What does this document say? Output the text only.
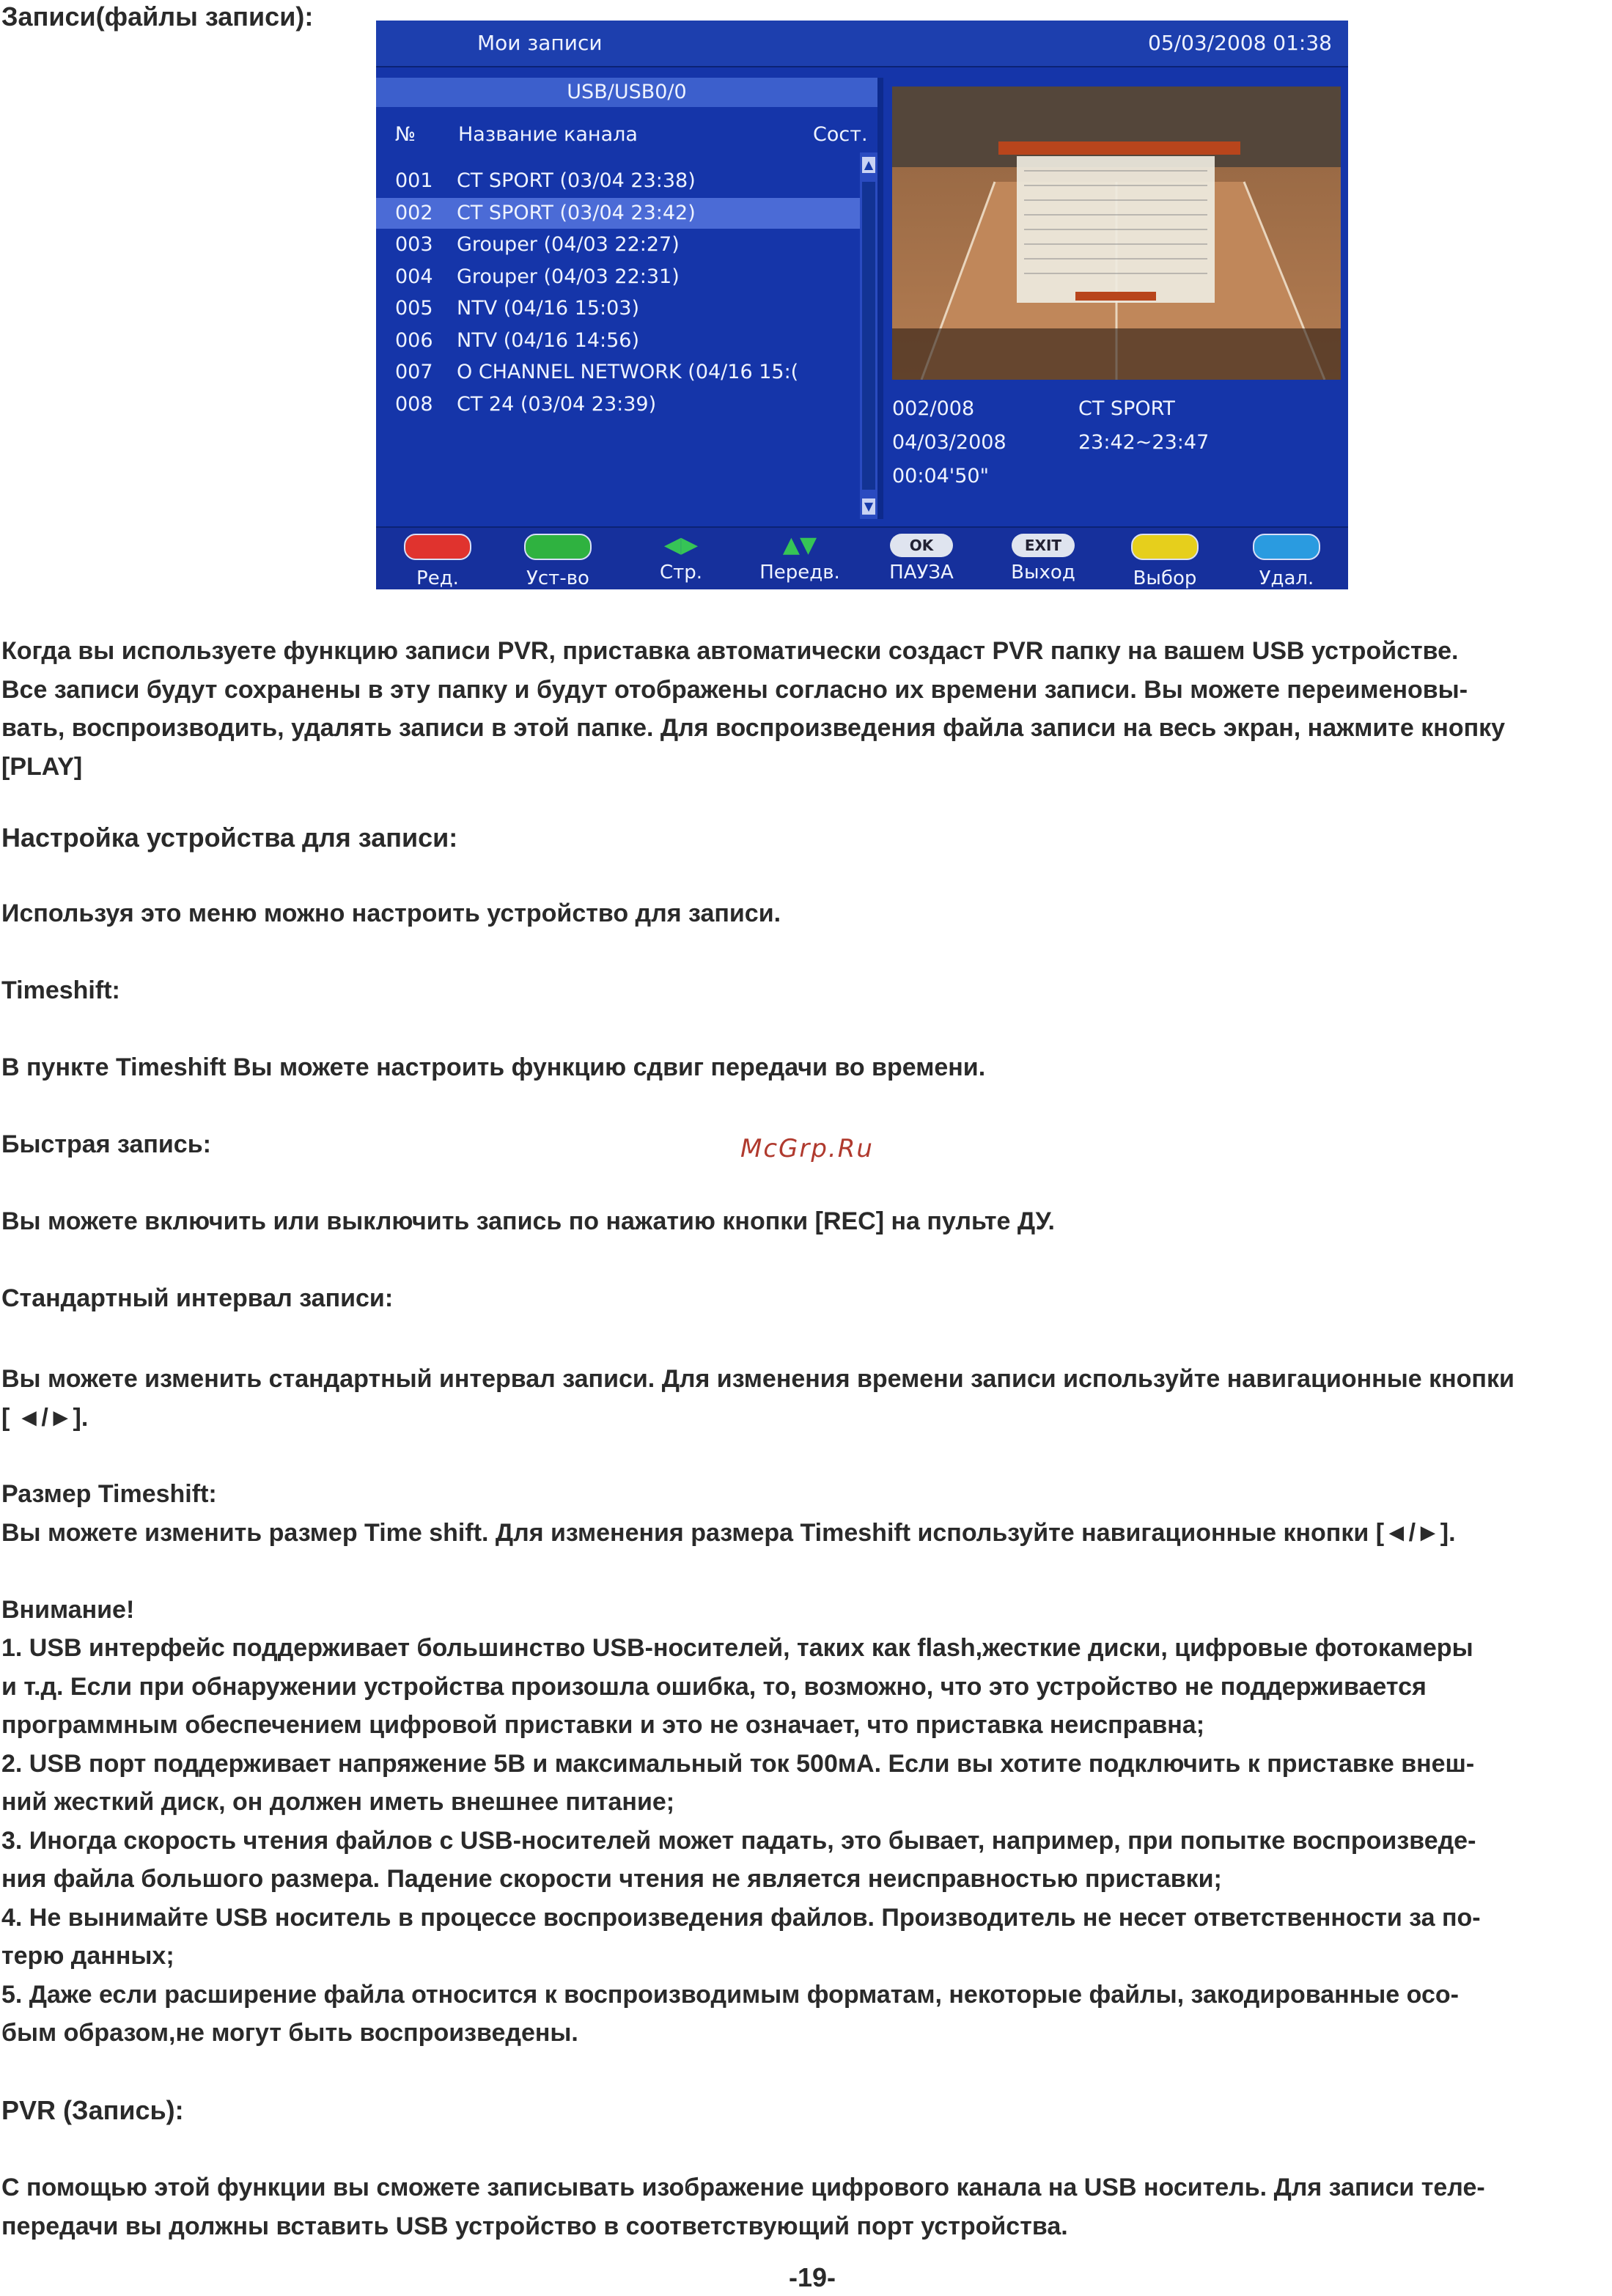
Записи(файлы записи):
Мои записи	05/03/2008 01:38
USB/USB0/0
№ Название канала	Сост.
001 CT SPORT (03/04 23:38)
002 CT SPORT (03/04 23:42)
003 Grouper (04/03 22:27)
004 Grouper (04/03 22:31)
005 NTV (04/16 15:03)
006 NTV (04/16 14:56)
007 O CHANNEL NETWORK (04/16 15:(
008 CT 24 (03/04 23:39)
▲
▼
002/008	CT SPORT
04/03/2008	23:42~23:47
00:04'50"
Ред.	Уст-во
◀▶
Стр.
▲▼
Передв.
OK
ПАУЗА
EXIT
Выход	Выбор	Удал.
Когда вы используете функцию записи PVR, приставка автоматически создаст PVR папку на вашем USB устройстве.
Все записи будут сохранены в эту папку и будут отображены согласно их времени записи. Вы можете переименовы-
вать, воспроизводить, удалять записи в этой папке. Для воспроизведения файла записи на весь экран, нажмите кнопку
[PLAY]
Настройка устройства для записи:
Используя это меню можно настроить устройство для записи.
Timeshift:
В пункте Timeshift Вы можете настроить функцию сдвиг передачи во времени.
Быстрая запись:	McGrp.Ru
Вы можете включить или выключить запись по нажатию кнопки [REC] на пульте ДУ.
Стандартный интервал записи:
Вы можете изменить стандартный интервал записи. Для изменения времени записи используйте навигационные кнопки
[ ◄/►].
Размер Timeshift:
Вы можете изменить размер Time shift. Для изменения размера Timeshift используйте навигационные кнопки [◄/►].
Внимание!
1. USB интерфейс поддерживает большинство USB-носителей, таких как flash,жесткие диски, цифровые фотокамеры
и т.д. Если при обнаружении устройства произошла ошибка, то, возможно, что это устройство не поддерживается
программным обеспечением цифровой приставки и это не означает, что приставка неисправна;
2. USB порт поддерживает напряжение 5В и максимальный ток 500мА. Если вы хотите подключить к приставке внеш-
ний жесткий диск, он должен иметь внешнее питание;
3. Иногда скорость чтения файлов с USB-носителей может падать, это бывает, например, при попытке воспроизведе-
ния файла большого размера. Падение скорости чтения не является неисправностью приставки;
4. Не вынимайте USB носитель в процессе воспроизведения файлов. Производитель не несет ответственности за по-
терю данных;
5. Даже если расширение файла относится к воспроизводимым форматам, некоторые файлы, закодированные осо-
бым образом,не могут быть воспроизведены.
PVR (Запись):
С помощью этой функции вы сможете записывать изображение цифрового канала на USB носитель. Для записи теле-
передачи вы должны вставить USB устройство в соответствующий порт устройства.
-19-
